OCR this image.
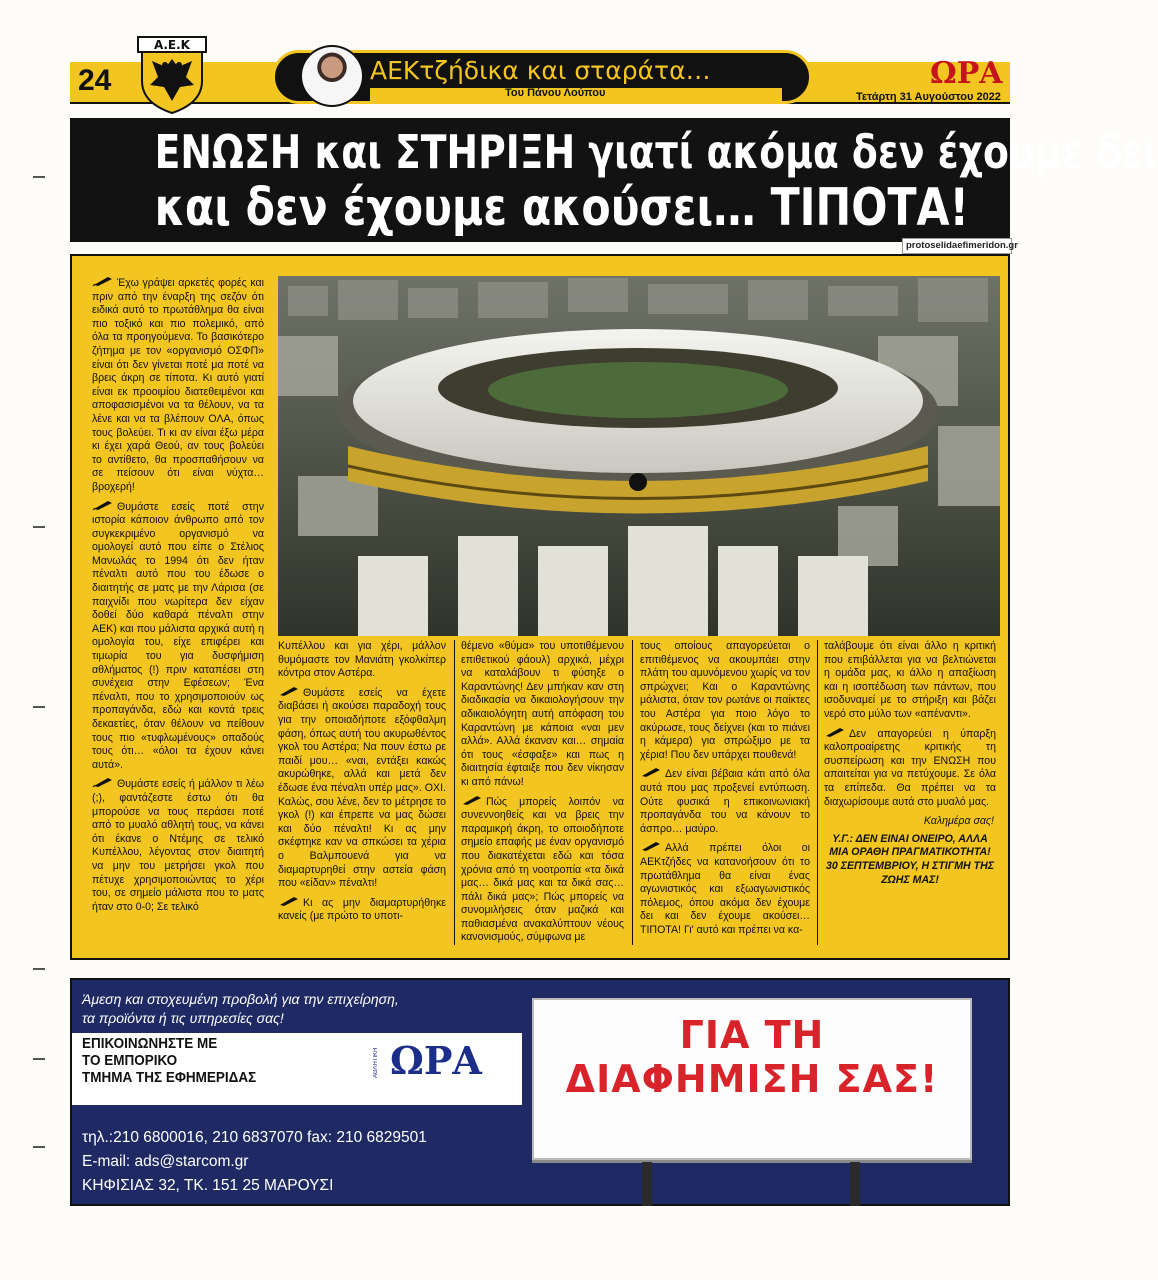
24
Α.Ε.Κ
ΑΕΚτζήδικα και σταράτα…
Του Πάνου Λούπου
ΩΡΑ
Τετάρτη 31 Αυγούστου 2022
ΕΝΩΣΗ και ΣΤΗΡΙΞΗ γιατί ακόμα δεν έχουμε δει
και δεν έχουμε ακούσει… ΤΙΠΟΤΑ!
protoselidaefimeridon.gr

Έχω γράψει αρκετές φορές και πριν από την έναρξη της σεζόν ότι ειδικά αυτό το πρωτάθλημα θα είναι πιο τοξικό και πιο πολεμικό, από όλα τα προηγούμενα. Το βασικότερο ζήτημα με τον «οργανισμό ΟΣΦΠ» είναι ότι δεν γίνεται ποτέ μα ποτέ να βρεις άκρη σε τίποτα. Κι αυτό γιατί είναι εκ προοιμίου διατεθειμένοι και αποφασισμένοι να τα θέλουν, να τα λένε και να τα βλέπουν ΟΛΑ, όπως τους βολεύει. Τι κι αν είναι έξω μέρα κι έχει χαρά Θεού, αν τους βολεύει το αντίθετο, θα προσπαθήσουν να σε πείσουν ότι είναι νύχτα… βροχερή!

Θυμάστε εσείς ποτέ στην ιστορία κάποιον άνθρωπο από τον συγκεκριμένο οργανισμό να ομολογεί αυτό που είπε ο Στέλιος Μανωλάς το 1994 ότι δεν ήταν πέναλτι αυτό που του έδωσε ο διαιτητής σε ματς με την Λάρισα (σε παιχνίδι που νωρίτερα δεν είχαν δοθεί δύο καθαρά πέναλτι στην ΑΕΚ) και που μάλιστα αρχικά αυτή η ομολογία του, είχε επιφέρει και τιμωρία του για δυσφήμιση αθλήματος (!) πριν καταπέσει στη συνέχεια στην Εφέσεων; Ένα πέναλτι, που το χρησιμοποιούν ως προπαγάνδα, εδώ και κοντά τρεις δεκαετίες, όταν θέλουν να πείθουν τους πιο «τυφλωμένους» οπαδούς τους ότι… «όλοι τα έχουν κάνει αυτά».

Θυμάστε εσείς ή μάλλον τι λέω (;), φαντάζεστε έστω ότι θα μπορούσε να τους περάσει ποτέ από το μυαλό αθλητή τους, να κάνει ότι έκανε ο Ντέμης σε τελικό Κυπέλλου, λέγοντας στον διαιτητή να μην του μετρήσει γκολ που πέτυχε χρησιμοποιώντας το χέρι του, σε σημείο μάλιστα που το ματς ήταν στο 0-0; Σε τελικό

Κυπέλλου και για χέρι, μάλλον θυμόμαστε τον Μανιάτη γκολκίπερ κόντρα στον Αστέρα.

Θυμάστε εσείς να έχετε διαβάσει ή ακούσει παραδοχή τους για την οποιαδήποτε εξόφθαλμη φάση, όπως αυτή του ακυρωθέντος γκολ του Αστέρα; Να πουν έστω ρε παιδί μου… «ναι, εντάξει κακώς ακυρώθηκε, αλλά και μετά δεν έδωσε ένα πέναλτι υπέρ μας». ΟΧΙ. Καλώς, σου λένε, δεν το μέτρησε το γκολ (!) και έπρεπε να μας δώσει και δύο πέναλτι! Κι ας μην σκέφτηκε καν να σπκώσει τα χέρια ο Βαλμπουενά για να διαμαρτυρηθεί στην αστεία φάση που «είδαν» πέναλτι!

Κι ας μην διαμαρτυρήθηκε κανείς (με πρώτο το υποτι-

θέμενο «θύμα» του υποτιθέμενου επιθετικού φάουλ) αρχικά, μέχρι να καταλάβουν τι φύσηξε ο Καραντώνης! Δεν μπήκαν καν στη διαδικασία να δικαιολογήσουν την αδικαιολόγητη αυτή απόφαση του Καραντώνη με κάποια «ναι μεν αλλά». Αλλά έκαναν και… σημαία ότι τους «έσφαξε» και πως η διαιτησία έφταιξε που δεν νίκησαν κι από πάνω!

Πώς μπορείς λοιπόν να συνεννοηθείς και να βρεις την παραμικρή άκρη, το οποιοδήποτε σημείο επαφής με έναν οργανισμό που διακατέχεται εδώ και τόσα χρόνια από τη νοοτροπία «τα δικά μας… δικά μας και τα δικά σας… πάλι δικά μας»; Πώς μπορείς να συνομιλήσεις όταν μαζικά και παθιασμένα ανακαλύπτουν νέους κανονισμούς, σύμφωνα με

τους οποίους απαγορεύεται ο επιτιθέμενος να ακουμπάει στην πλάτη του αμυνόμενου χωρίς να τον σπρώχνει; Και ο Καραντώνης μάλιστα, όταν τον ρωτάνε οι παίκτες του Αστέρα για ποιο λόγο το ακύρωσε, τους δείχνει (και το πιάνει η κάμερα) για σπρώξιμο με τα χέρια! Που δεν υπάρχει πουθενά!

Δεν είναι βέβαια κάτι από όλα αυτά που μας προξενεί εντύπωση. Ούτε φυσικά η επικοινωνιακή προπαγάνδα του να κάνουν το άσπρο… μαύρο.

Αλλά πρέπει όλοι οι ΑΕΚτζήδες να κατανοήσουν ότι το πρωτάθλημα θα είναι ένας αγωνιστικός και εξωαγωνιστικός πόλεμος, όπου ακόμα δεν έχουμε δει και δεν έχουμε ακούσει… ΤΙΠΟΤΑ! Γι' αυτό και πρέπει να κα-

ταλάβουμε ότι είναι άλλο η κριτική που επιβάλλεται για να βελτιώνεται η ομάδα μας, κι άλλο η απαξίωση και η ισοπέδωση των πάντων, που ισοδυναμεί με το στήριξη και βάζει νερό στο μύλο των «απέναντι».

Δεν απαγορεύει η ύπαρξη καλοπροαίρετης κριτικής τη συσπείρωση και την ΕΝΩΣΗ που απαιτείται για να πετύχουμε. Σε όλα τα επίπεδα. Θα πρέπει να τα διαχωρίσουμε αυτά στο μυαλό μας.

Καλημέρα σας!

Υ.Γ.: ΔΕΝ ΕΙΝΑΙ ΟΝΕΙΡΟ, ΑΛΛΑ ΜΙΑ ΟΡΑΘΗ ΠΡΑΓΜΑΤΙΚΟΤΗΤΑ! 30 ΣΕΠΤΕΜΒΡΙΟΥ, Η ΣΤΙΓΜΗ ΤΗΣ ΖΩΗΣ ΜΑΣ!

Άμεση και στοχευμένη προβολή για την επιχείρηση,
τα προϊόντα ή τις υπηρεσίες σας!
ΕΠΙΚΟΙΝΩΝΗΣΤΕ ΜΕ
ΤΟ ΕΜΠΟΡΙΚΟ
ΤΜΗΜΑ ΤΗΣ ΕΦΗΜΕΡΙΔΑΣ	ΑΘΛΗΤΙΚΗ ΩΡΑ
τηλ.:210 6800016, 210 6837070 fax: 210 6829501
E-mail: ads@starcom.gr
ΚΗΦΙΣΙΑΣ 32, ΤΚ. 151 25 ΜΑΡΟΥΣΙ
ΓΙΑ ΤΗ
ΔΙΑΦΗΜΙΣΗ ΣΑΣ!
